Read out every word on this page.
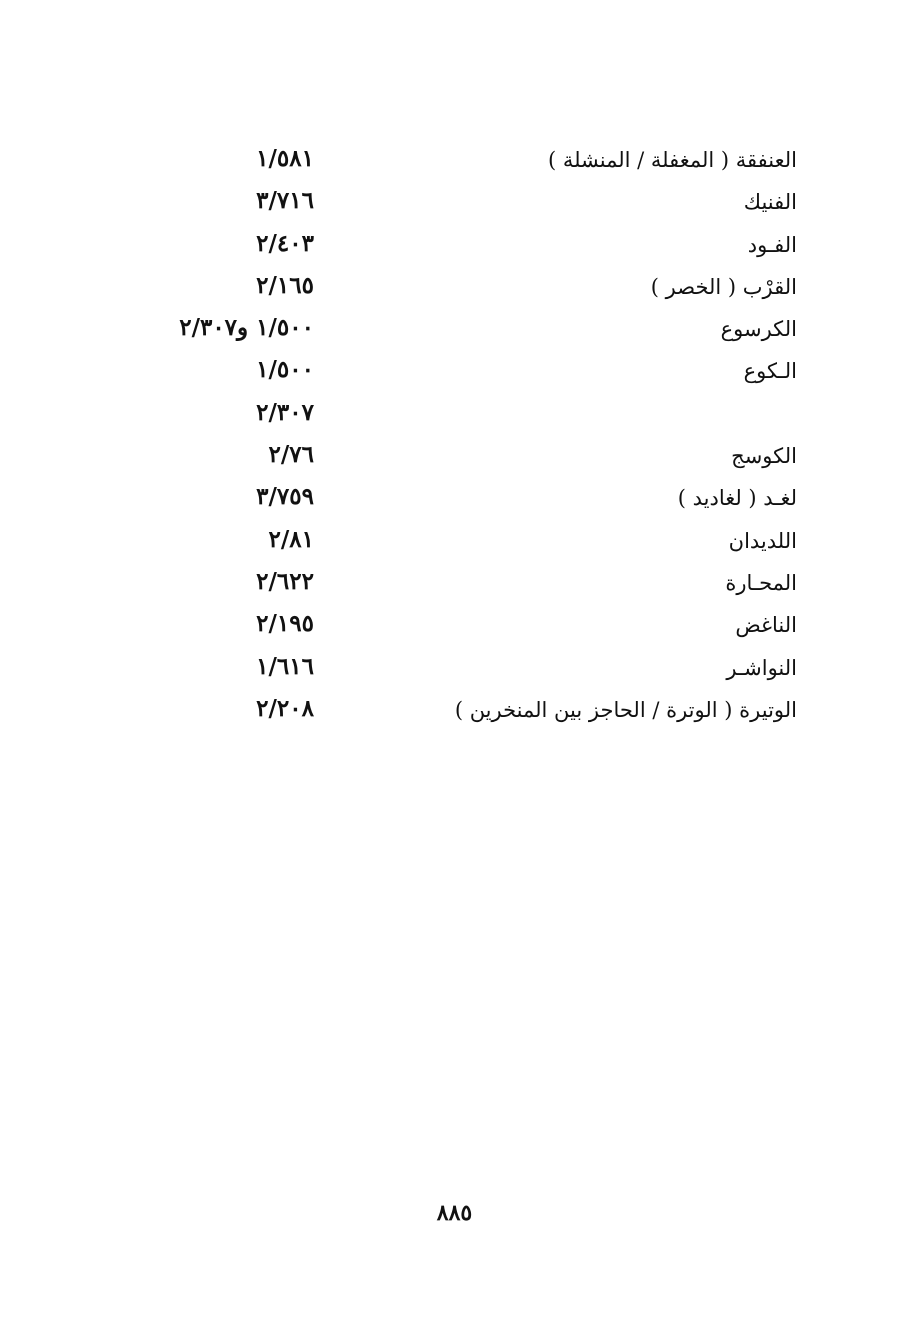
العنفقة ( المغفلة / المنشلة )
١/٥٨١
الفنيك
٣/٧١٦
الفـود
٢/٤٠٣
القرْب ( الخصر )
٢/١٦٥
الكرسوع
١/٥٠٠ و٢/٣٠٧
الـكوع
١/٥٠٠
٢/٣٠٧
الكوسج
٢/٧٦
لغـد ( لغاديد )
٣/٧٥٩
اللديدان
٢/٨١
المحـارة
٢/٦٢٢
الناغض
٢/١٩٥
النواشـر
١/٦١٦
الوتيرة ( الوترة / الحاجز بين المنخرين )
٢/٢٠٨
٨٨٥
